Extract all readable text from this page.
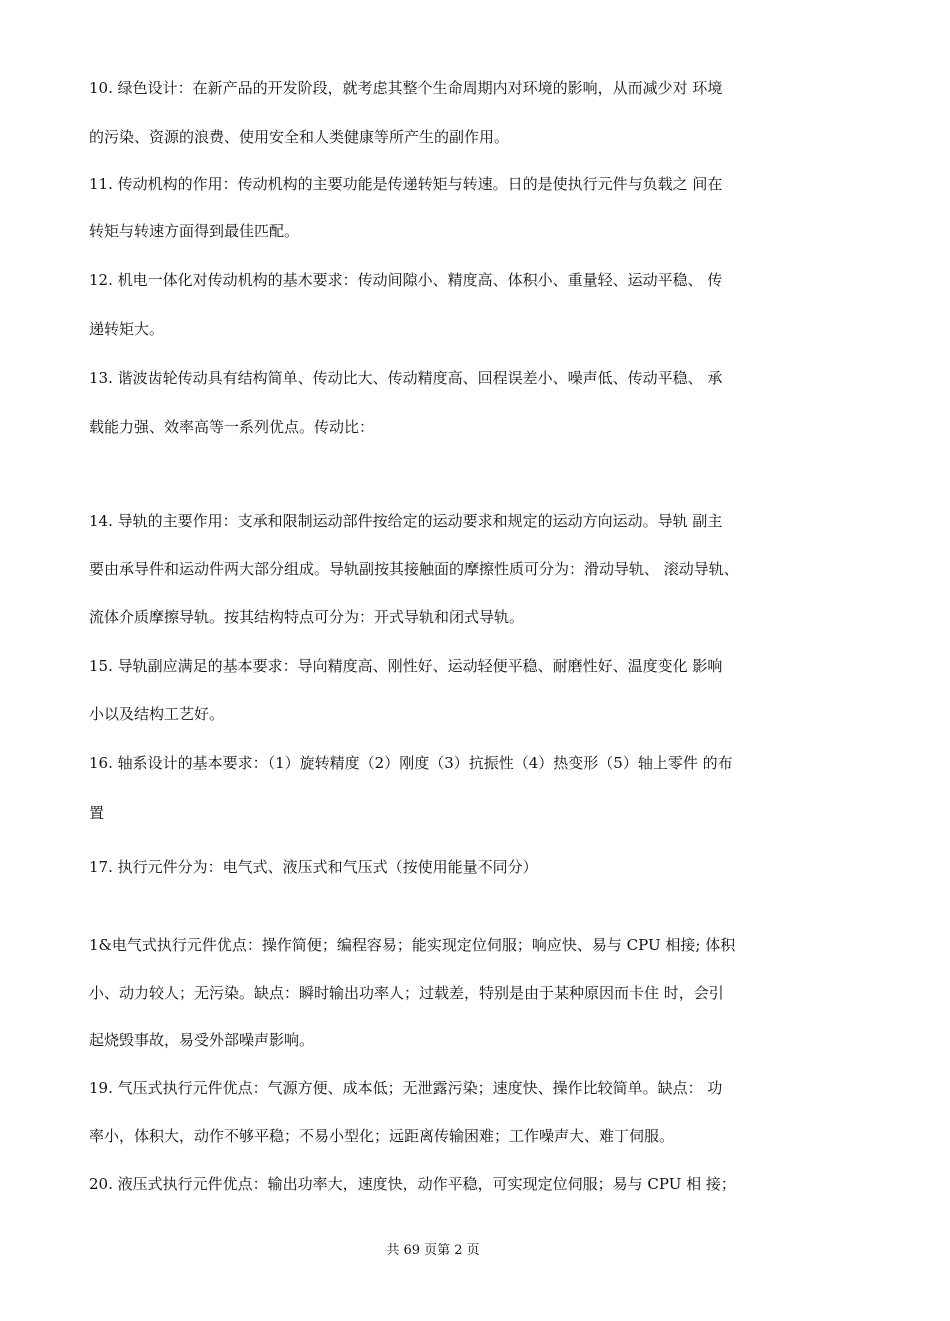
10. 绿色设计：在新产品的开发阶段，就考虑其整个生命周期内对环境的影响，从而减少对 环境
的污染、资源的浪费、使用安全和人类健康等所产生的副作用。
11. 传动机构的作用：传动机构的主要功能是传递转矩与转速。日的是使执行元件与负载之 间在
转矩与转速方面得到最佳匹配。
12. 机电一体化对传动机构的基木要求：传动间隙小、精度高、体积小、重量轻、运动平稳、 传
递转矩大。
13. 谐波齿轮传动具有结构简单、传动比大、传动精度高、回程误差小、噪声低、传动平稳、 承
载能力强、效率高等一系列优点。传动比：
14. 导轨的主要作用：支承和限制运动部件按给定的运动要求和规定的运动方向运动。导轨 副主
要由承导件和运动件两大部分组成。导轨副按其接触面的摩擦性质可分为：滑动导轨、 滚动导轨、
流体介质摩擦导轨。按其结构特点可分为：开式导轨和闭式导轨。
15. 导轨副应满足的基本要求：导向精度高、刚性好、运动轻便平稳、耐磨性好、温度变化 影响
小以及结构工艺好。
16. 轴系设计的基本要求：（1）旋转精度（2）刚度（3）抗振性（4）热变形（5）轴上零件 的布
置
17. 执行元件分为：电气式、液压式和气压式（按使用能量不同分）
1&电气式执行元件优点：操作简便；编程容易；能实现定位伺服；响应快、易与 CPU 相接; 体积
小、动力较人；无污染。缺点：瞬时输出功率人；过载差，特别是由于某种原因而卡住 时，会引
起烧毁事故，易受外部噪声影响。
19. 气压式执行元件优点：气源方便、成本低；无泄露污染；速度快、操作比较简单。缺点： 功
率小，体积大，动作不够平稳；不易小型化；远距离传输困难；工作噪声大、难丁伺服。
20. 液压式执行元件优点：输出功率大，速度快，动作平稳，可实现定位伺服；易与 CPU 相 接；
共 69 页第 2 页
